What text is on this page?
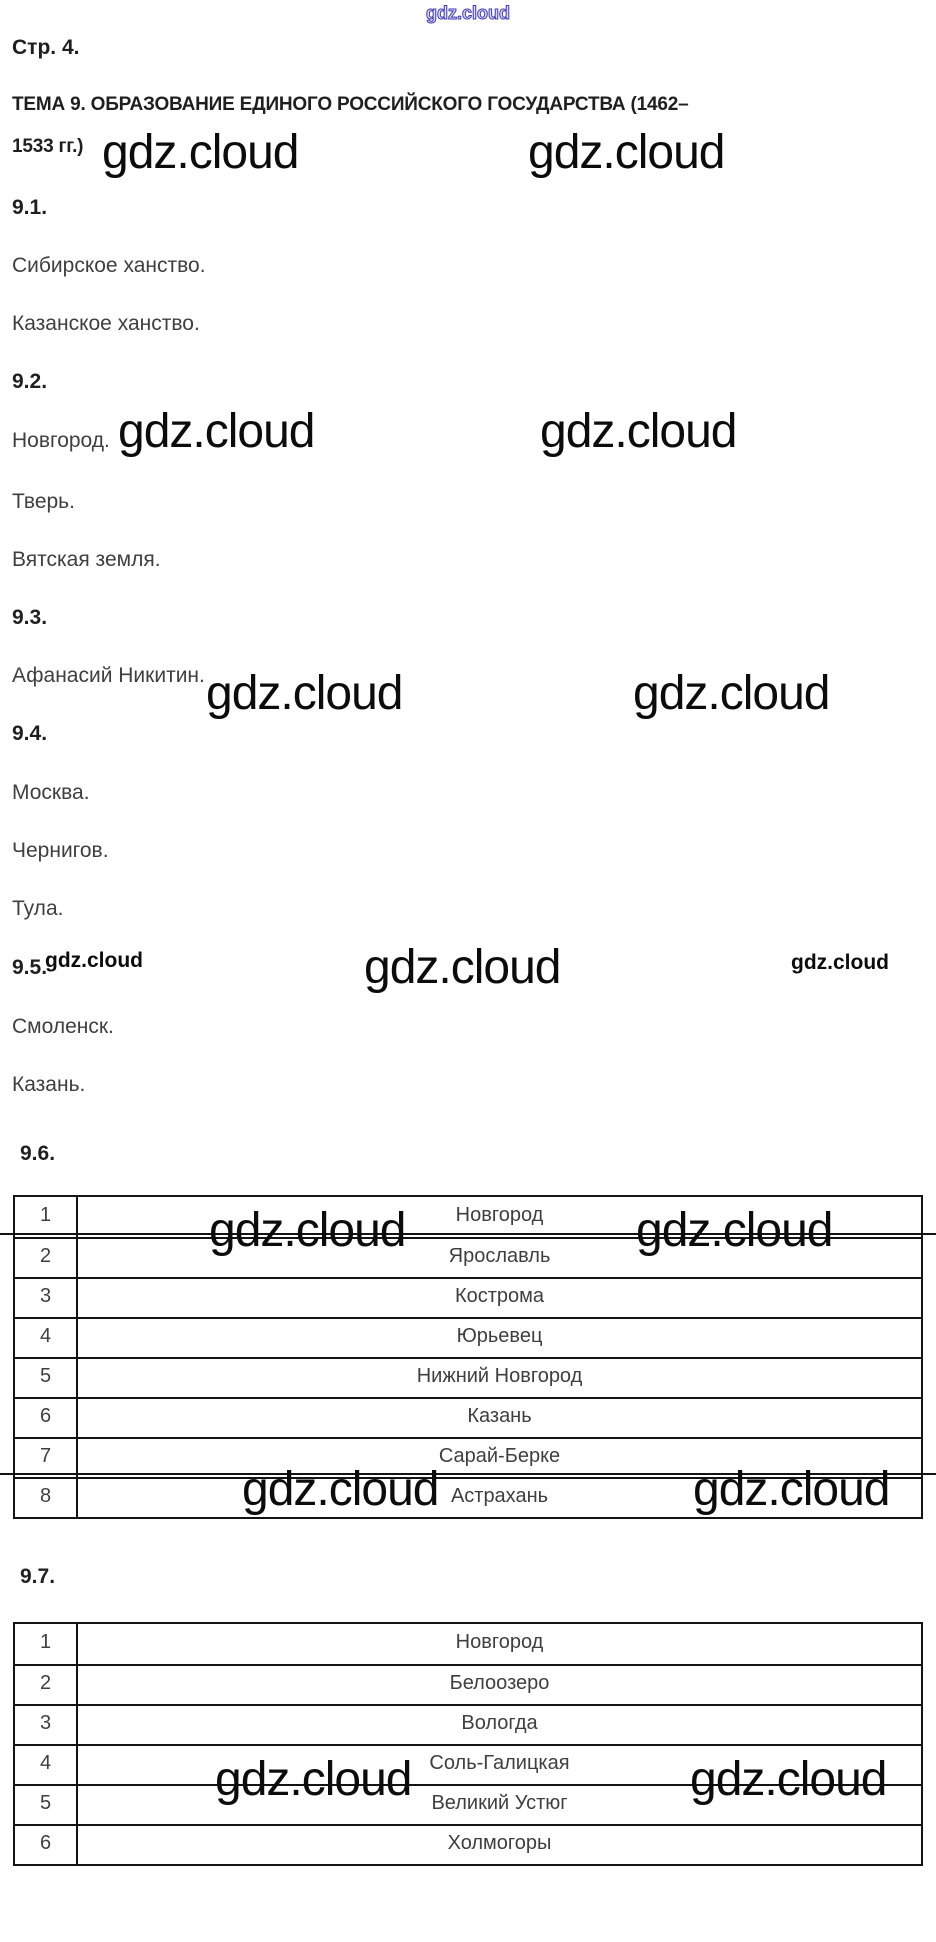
gdz.cloud
Стр. 4.
ТЕМА 9. ОБРАЗОВАНИЕ ЕДИНОГО РОССИЙСКОГО ГОСУДАРСТВА (1462–
1533 гг.) gdz.cloud	gdz.cloud
9.1.
Сибирское ханство.
Казанское ханство.
9.2.
Новгород. gdz.cloud	gdz.cloud
Тверь.
Вятская земля.
9.3.
Афанасий Никитин. gdz.cloud	gdz.cloud
9.4.
Москва.
Чернигов.
Тула.
9.5.
gdz.cloud	gdz.cloud	gdz.cloud
Смоленск.
Казань.
9.6.
1	Новгород
2	Ярославль
3	Кострома
4	Юрьевец
5	Нижний Новгород
6	Казань
7	Сарай-Берке
8	Астрахань
gdz.cloud	gdz.cloud
gdz.cloud	gdz.cloud
9.7.
1	Новгород
2	Белоозеро
3	Вологда
4	Соль-Галицкая
5	Великий Устюг
6	Холмогоры
gdz.cloud	gdz.cloud
